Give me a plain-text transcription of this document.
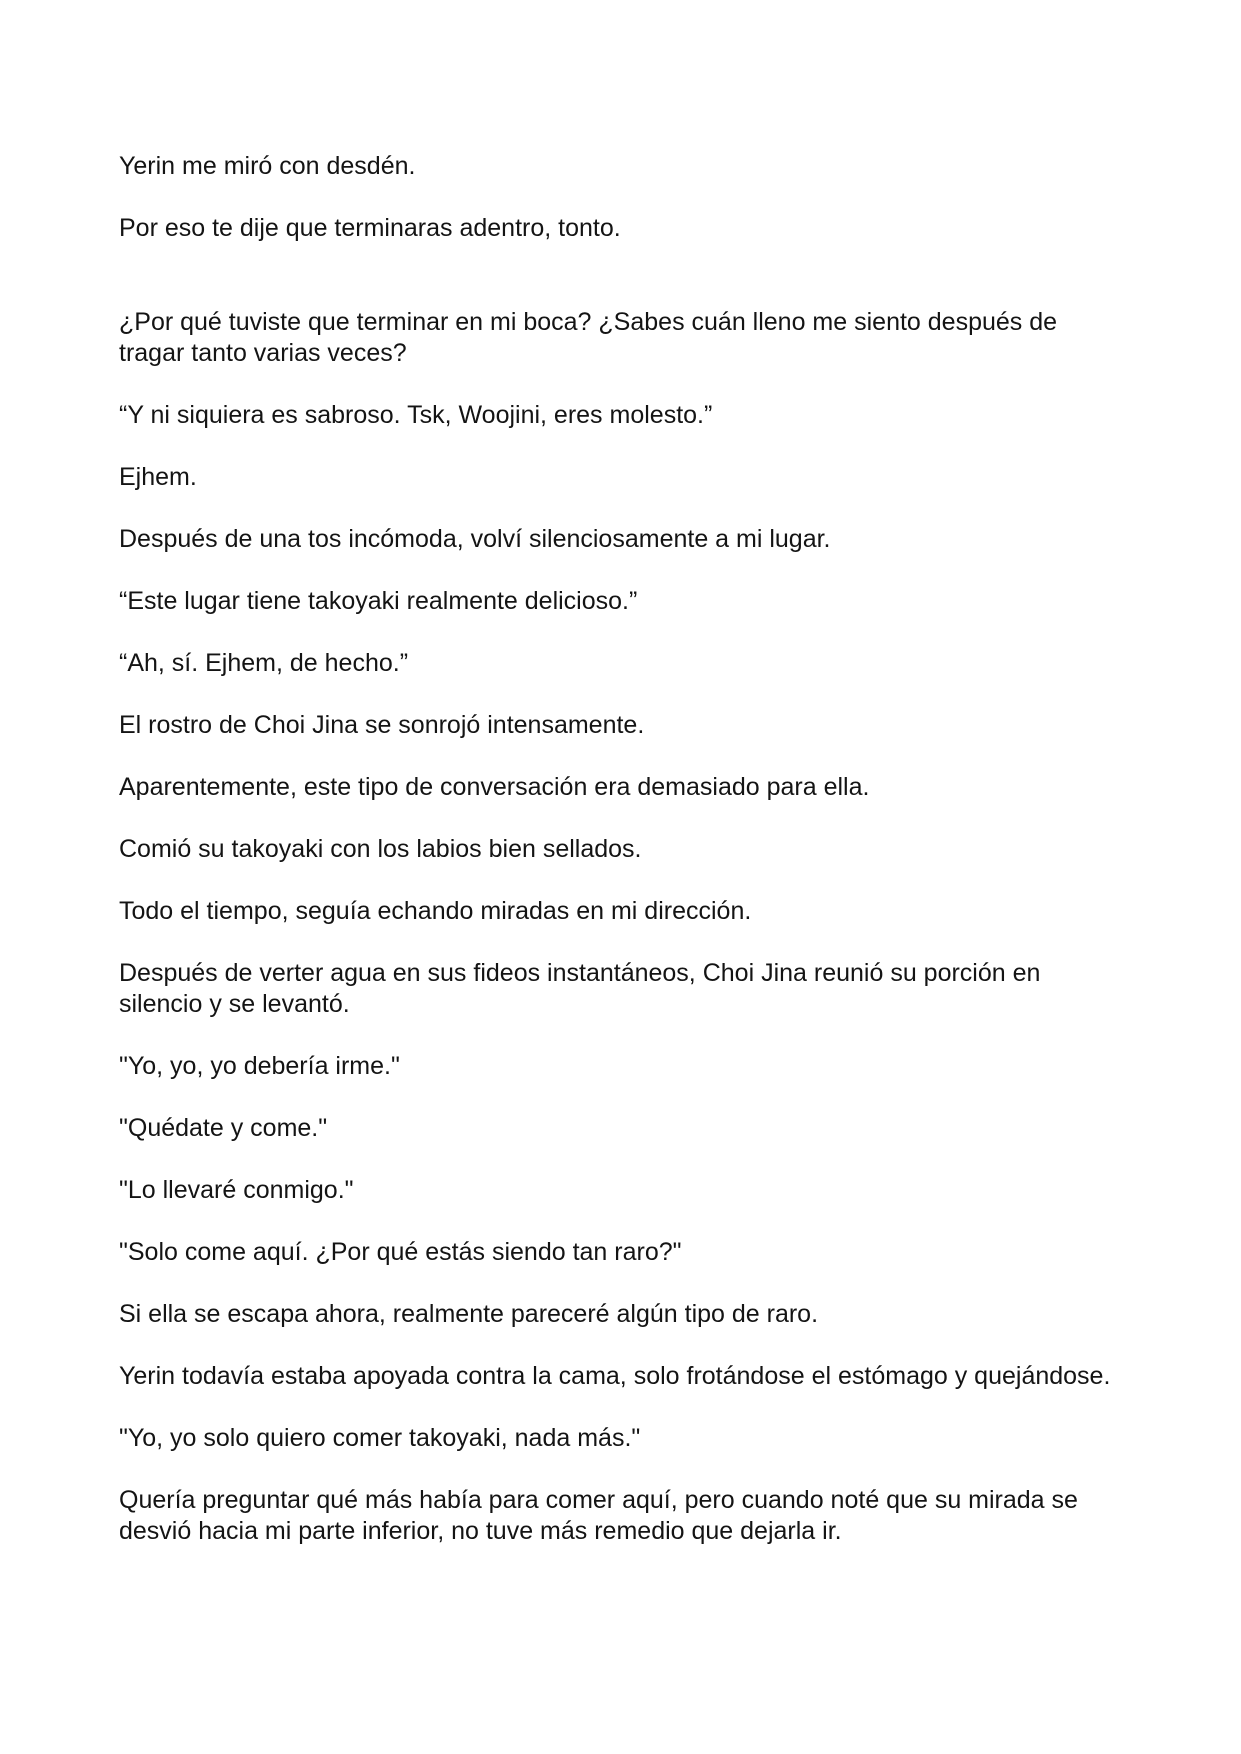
Yerin me miró con desdén.

Por eso te dije que terminaras adentro, tonto.

¿Por qué tuviste que terminar en mi boca? ¿Sabes cuán lleno me siento después de tragar tanto varias veces?

“Y ni siquiera es sabroso. Tsk, Woojini, eres molesto.”

Ejhem.

Después de una tos incómoda, volví silenciosamente a mi lugar.

“Este lugar tiene takoyaki realmente delicioso.”

“Ah, sí. Ejhem, de hecho.”

El rostro de Choi Jina se sonrojó intensamente.

Aparentemente, este tipo de conversación era demasiado para ella.

Comió su takoyaki con los labios bien sellados.

Todo el tiempo, seguía echando miradas en mi dirección.

Después de verter agua en sus fideos instantáneos, Choi Jina reunió su porción en silencio y se levantó.

"Yo, yo, yo debería irme."

"Quédate y come."

"Lo llevaré conmigo."

"Solo come aquí. ¿Por qué estás siendo tan raro?"

Si ella se escapa ahora, realmente pareceré algún tipo de raro.

Yerin todavía estaba apoyada contra la cama, solo frotándose el estómago y quejándose.

"Yo, yo solo quiero comer takoyaki, nada más."

Quería preguntar qué más había para comer aquí, pero cuando noté que su mirada se desvió hacia mi parte inferior, no tuve más remedio que dejarla ir.
